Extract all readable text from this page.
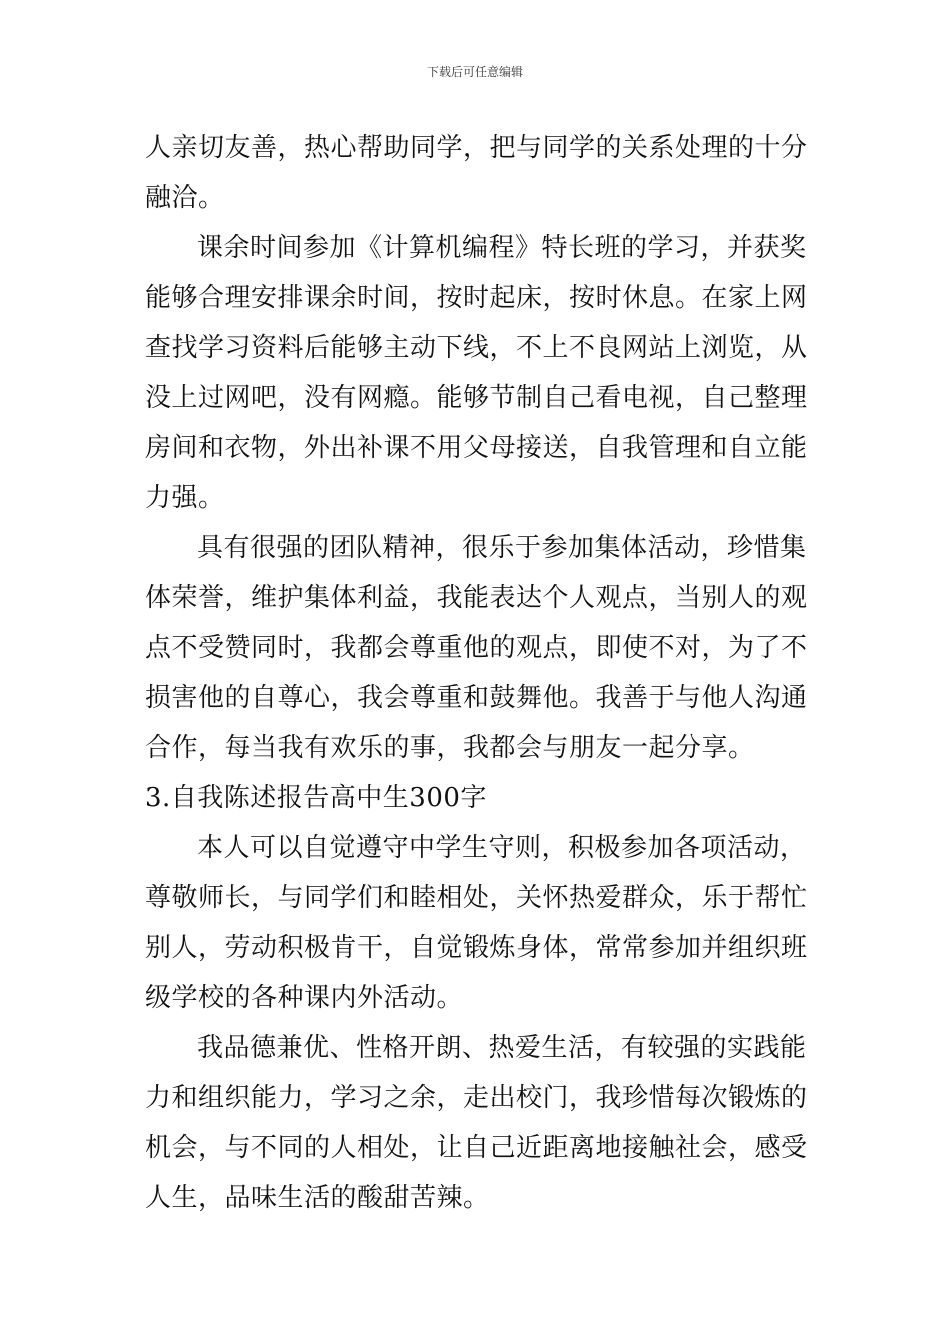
下载后可任意编辑
人亲切友善，热心帮助同学，把与同学的关系处理的十分
融洽。
课余时间参加《计算机编程》特长班的学习，并获奖
能够合理安排课余时间，按时起床，按时休息。在家上网
查找学习资料后能够主动下线，不上不良网站上浏览，从
没上过网吧，没有网瘾。能够节制自己看电视，自己整理
房间和衣物，外出补课不用父母接送，自我管理和自立能
力强。
具有很强的团队精神，很乐于参加集体活动，珍惜集
体荣誉，维护集体利益，我能表达个人观点，当别人的观
点不受赞同时，我都会尊重他的观点，即使不对，为了不
损害他的自尊心，我会尊重和鼓舞他。我善于与他人沟通
合作，每当我有欢乐的事，我都会与朋友一起分享。
3.自我陈述报告高中生300字
本人可以自觉遵守中学生守则，积极参加各项活动，
尊敬师长，与同学们和睦相处，关怀热爱群众，乐于帮忙
别人，劳动积极肯干，自觉锻炼身体，常常参加并组织班
级学校的各种课内外活动。
我品德兼优、性格开朗、热爱生活，有较强的实践能
力和组织能力，学习之余，走出校门，我珍惜每次锻炼的
机会，与不同的人相处，让自己近距离地接触社会，感受
人生，品味生活的酸甜苦辣。
